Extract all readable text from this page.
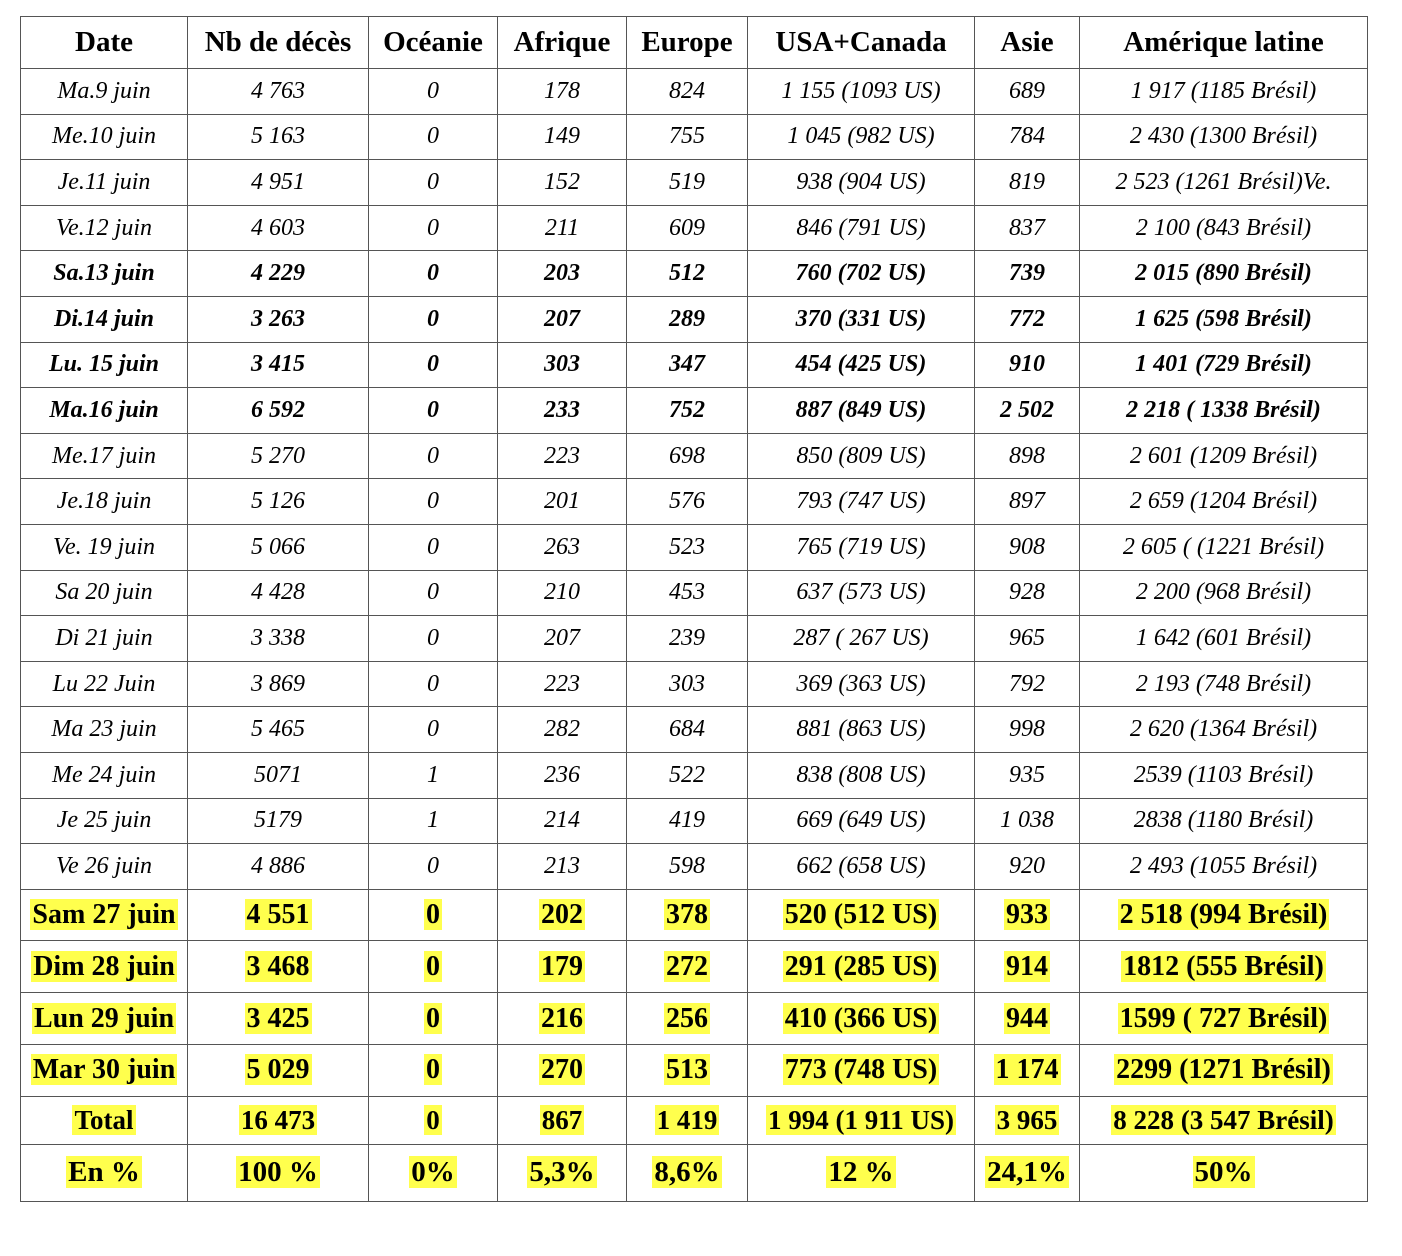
Date	Nb de décès	Océanie	Afrique	Europe	USA+Canada	Asie	Amérique latine
Ma.9 juin	4 763	0	178	824	1 155 (1093 US)	689	1 917 (1185 Brésil)
Me.10 juin	5 163	0	149	755	1 045 (982 US)	784	2 430 (1300 Brésil)
Je.11 juin	4 951	0	152	519	938 (904 US)	819	2 523 (1261 Brésil)Ve.
Ve.12 juin	4 603	0	211	609	846 (791 US)	837	2 100 (843 Brésil)
Sa.13 juin	4 229	0	203	512	760 (702 US)	739	2 015 (890 Brésil)
Di.14 juin	3 263	0	207	289	370 (331 US)	772	1 625 (598 Brésil)
Lu. 15 juin	3 415	0	303	347	454 (425 US)	910	1 401 (729 Brésil)
Ma.16 juin	6 592	0	233	752	887 (849 US)	2 502	2 218 ( 1338 Brésil)
Me.17 juin	5 270	0	223	698	850 (809 US)	898	2 601 (1209 Brésil)
Je.18 juin	5 126	0	201	576	793 (747 US)	897	2 659 (1204 Brésil)
Ve. 19 juin	5 066	0	263	523	765 (719 US)	908	2 605 ( (1221 Brésil)
Sa 20 juin	4 428	0	210	453	637 (573 US)	928	2 200 (968 Brésil)
Di 21 juin	3 338	0	207	239	287 ( 267 US)	965	1 642 (601 Brésil)
Lu 22 Juin	3 869	0	223	303	369 (363 US)	792	2 193 (748 Brésil)
Ma 23 juin	5 465	0	282	684	881 (863 US)	998	2 620 (1364 Brésil)
Me 24 juin	5071	1	236	522	838 (808 US)	935	2539 (1103 Brésil)
Je 25 juin	5179	1	214	419	669 (649 US)	1 038	2838 (1180 Brésil)
Ve 26 juin	4 886	0	213	598	662 (658 US)	920	2 493 (1055 Brésil)
Sam 27 juin	4 551	0	202	378	520 (512 US)	933	2 518 (994 Brésil)
Dim 28 juin	3 468	0	179	272	291 (285 US)	914	1812 (555 Brésil)
Lun 29 juin	3 425	0	216	256	410 (366 US)	944	1599 ( 727 Brésil)
Mar 30 juin	5 029	0	270	513	773 (748 US)	1 174	2299 (1271 Brésil)
Total	16 473	0	867	1 419	1 994 (1 911 US)	3 965	8 228 (3 547 Brésil)
En %	100 %	0%	5,3%	8,6%	12 %	24,1%	50%
